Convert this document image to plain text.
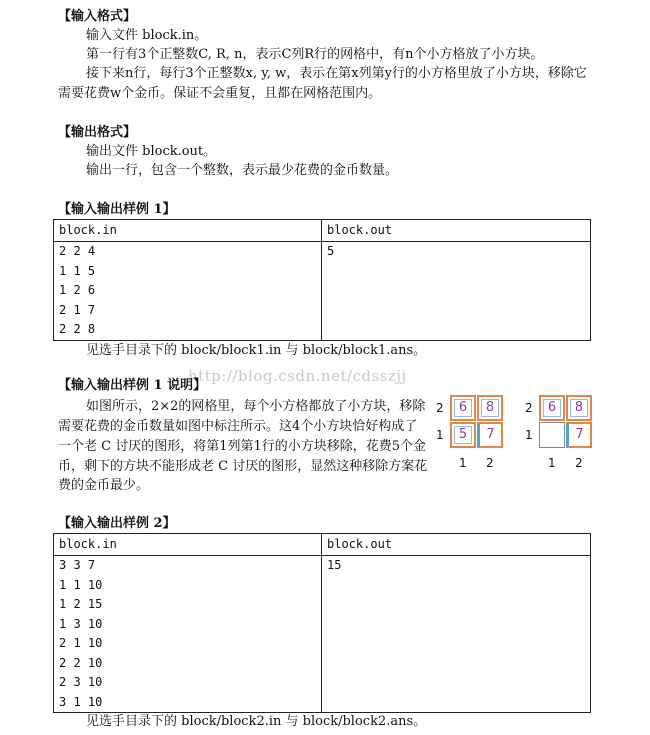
【输入格式】
输入文件 block.in。
第一行有3个正整数C, R, n，表示C列R行的网格中，有n个小方格放了小方块。
接下来n行，每行3个正整数x, y, w，表示在第x列第y行的小方格里放了小方块，移除它
需要花费w个金币。保证不会重复，且都在网格范围内。
【输出格式】
输出文件 block.out。
输出一行，包含一个整数，表示最少花费的金币数量。
【输入输出样例 1】
block.in	block.out
2 2 4	5
1 1 5	
1 2 6	
2 1 7	
2 2 8	
见选手目录下的 block/block1.in 与 block/block1.ans。
http://blog.csdn.net/cdsszjj
【输入输出样例 1 说明】
如图所示，2×2的网格里，每个小方格都放了小方块，移除
需要花费的金币数量如图中标注所示。这4个小方块恰好构成了
一个老 C 讨厌的图形，将第1列第1行的小方块移除，花费5个金
币，剩下的方块不能形成老 C 讨厌的图形，显然这种移除方案花
费的金币最少。
2
1
6	8
5	7
1 2
2
1
6	8
7
1 2
【输入输出样例 2】
block.in	block.out
3 3 7	15
1 1 10	
1 2 15	
1 3 10	
2 1 10	
2 2 10	
2 3 10	
3 1 10	
见选手目录下的 block/block2.in 与 block/block2.ans。
